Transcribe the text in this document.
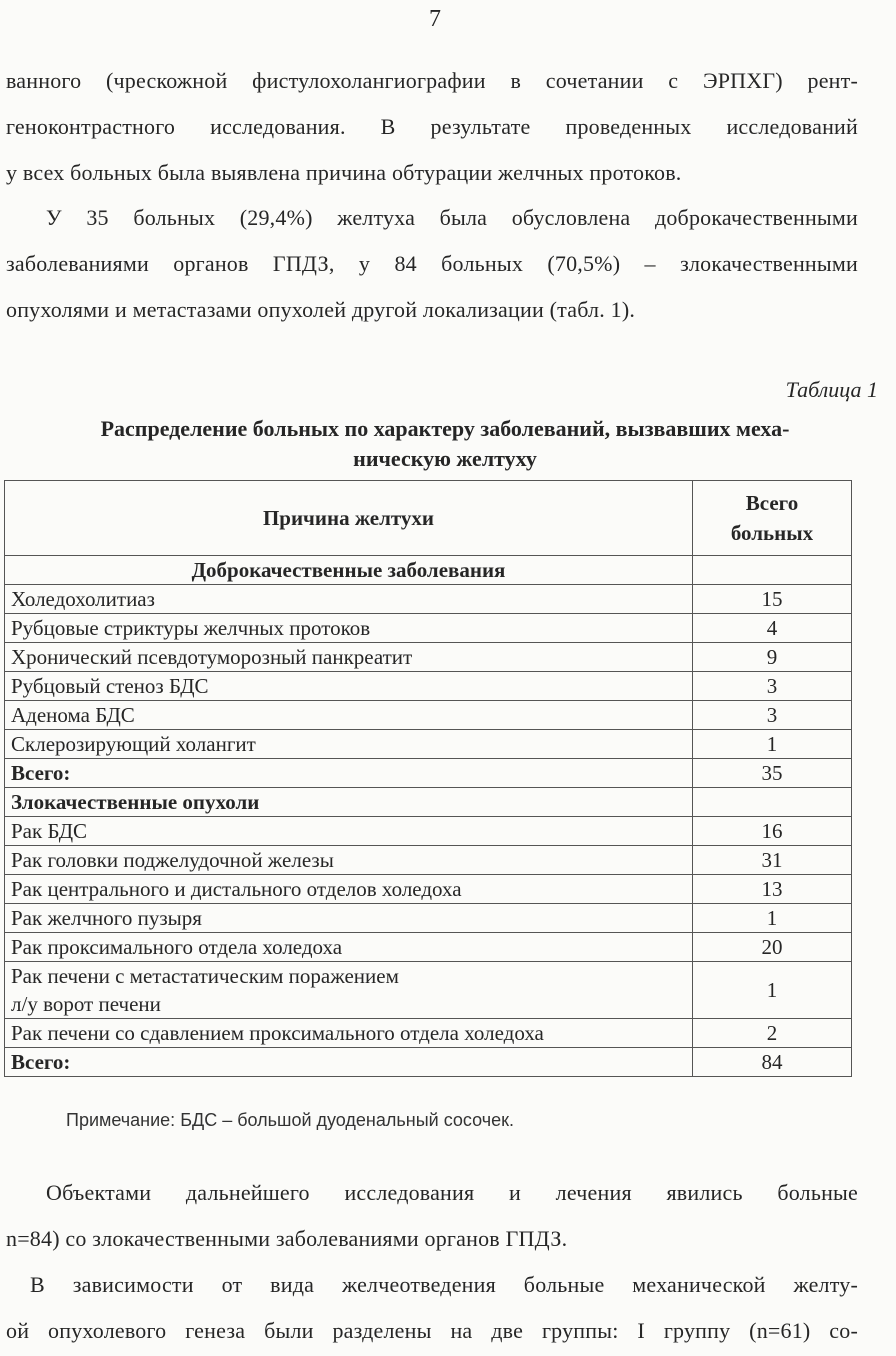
7
ванного (чрескожной фистулохолангиографии в сочетании с ЭРПХГ) рент-
геноконтрастного исследования. В результате проведенных исследований
у всех больных была выявлена причина обтурации желчных протоков.
У 35 больных (29,4%) желтуха была обусловлена доброкачественными
заболеваниями органов ГПДЗ, у 84 больных (70,5%) – злокачественными
опухолями и метастазами опухолей другой локализации (табл. 1).
Таблица 1
Распределение больных по характеру заболеваний, вызвавших меха-
ническую желтуху
Причина желтухи	Всего
больных

Доброкачественные заболевания	
Холедохолитиаз	15
Рубцовые стриктуры желчных протоков	4
Хронический псевдотуморозный панкреатит	9
Рубцовый стеноз БДС	3
Аденома БДС	3
Склерозирующий холангит	1
Всего:	35
Злокачественные опухоли	
Рак БДС	16
Рак головки поджелудочной железы	31
Рак центрального и дистального отделов холедоха	13
Рак желчного пузыря	1
Рак проксимального отдела холедоха	20

Рак печени с метастатическим поражением
л/у ворот печени	1
Рак печени со сдавлением проксимального отдела холедоха	2
Всего:	84
Примечание: БДС – большой дуоденальный сосочек.
Объектами дальнейшего исследования и лечения явились больные
n=84) со злокачественными заболеваниями органов ГПДЗ.
В зависимости от вида желчеотведения больные механической желту-
ой опухолевого генеза были разделены на две группы: I группу (n=61) со-
